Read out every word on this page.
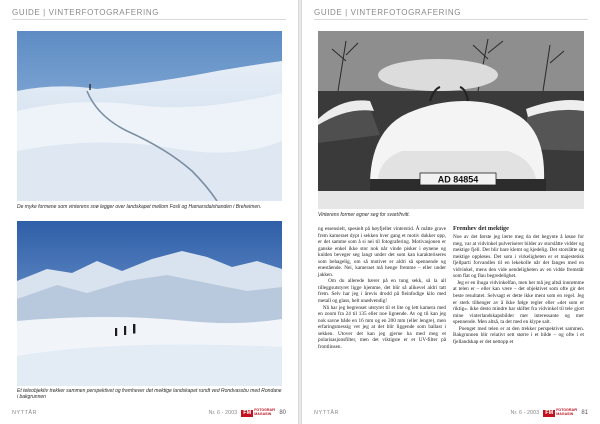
GUIDE | VINTERFOTOGRAFERING
De myke formene som vinterens snø legger over landskapet mellom Fosli og Hamarsdalshanden i Breheimen.
Et teleobjektiv trekker sammen perspektivet og fremhever det mektige landskapet rundt ved Rondvassbu med Rondane i bakgrunnen
NYTTÅR	Nr. 6 - 2003	FM FOTOGRAFI
MAGASIN	80
GUIDE | VINTERFOTOGRAFERING
AD 84854
Vinterens former egner seg for svart/hvitt.
ng essensielt, spesielt på høyfjellet vinterstid. Å måtte grave frem kameraet dypt i sekken hver gang et motiv dukker opp, er det samme som å si nei til fotografering. Motivasjonen er ganske enkel ikke stor nok når vinde pisker i øynene og kulden beveger seg langt under det som kan karakteriseres som behagelig, om så motivet er aldri så spennende og enestående. Nei, kameraet må henge fremme – eller under jakken.
Om du allerede bærer på en tung sekk, så la all tilleggsutstyret ligge hjemme, det blir så alikevel aldri tatt frem. Selv har jeg i årevis drodd på fleinfodige kilo med metall og glass, helt unødvendig!
Nå har jeg begrenset utstyret til et lite og lett kamera med en zoom fra 24 til 135 eller noe lignende. Av og til kan jeg nok savne både en 16 mm og en 200 mm (eller lengre), men erfaringsmessig vet jeg at det blir liggende som ballast i sekken. Utover det kan jeg gjerne ha med meg et polarisasjonsfilter, men det viktigste er et UV-filter på frontlinsen.
Fremhev det mektige

Noe av det første jeg lærte meg da det begynte å løsne for meg, var at vidvinkel pulveriserer bilder av storslåtte vidder og mektige fjell. Det blir bare klemt og kjedelig. Det storslåtte og mektige oppløses. Det som i virkeligheten er et majestetisk fjellparti forvandles til en lekekolle når det fanges med en vidvinkel, mens den vide uendeligheten av en vidde fremstår som flat og flau begredelighet.
Jeg er en ihuga vidvinkelfan, men her må jeg altså innrømme at telen er – eller kan være – det objektivet som ofte gir det beste resultatet. Selvsagt er dette ikke ment som en regel. Jeg er sterk tilhenger av å ikke følge regler eller «det som er riktig». ikke desto mindre har skiftet fra vidvinkel til tele gjort mine vinterlandskapsbilder mer interessante og mer spennende. Men altså, ta det med en klype salt.
Poenget med telen er at den trekker perspektivet sammen. Bakgrunnen blir relativt sett større i et bilde – og ofte i et fjellandskap er det nettopp et

NYTTÅR	Nr. 6 - 2003	FM FOTOGRAFI
MAGASIN	81
